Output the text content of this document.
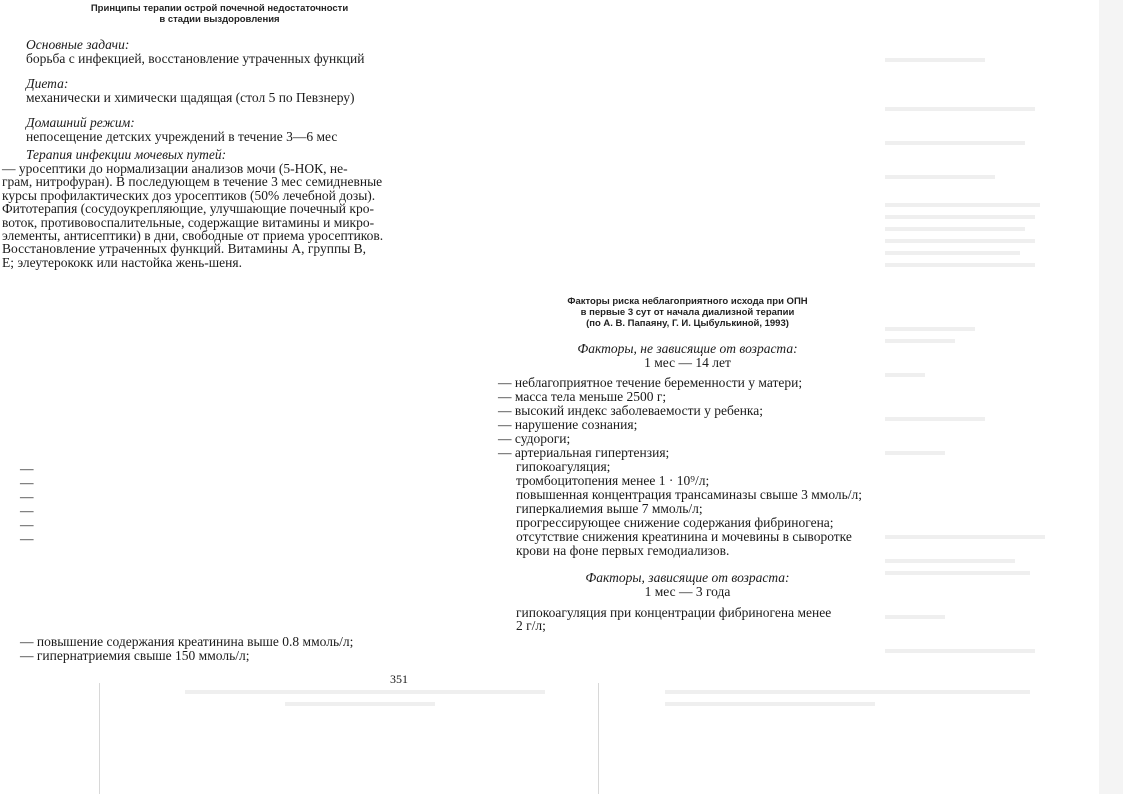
Принципы терапии острой почечной недостаточности

в стадии выздоровления

Основные задачи:

борьба с инфекцией, восстановление утраченных функций

Диета:

механически и химически щадящая (стол 5 по Певзнеру)

Домашний режим:

непосещение детских учреждений в течение 3—6 мес

Терапия инфекции мочевых путей:

— уросептики до нормализации анализов мочи (5-НОК, не-
грам, нитрофуран). В последующем в течение 3 мес семидневные
курсы профилактических доз уросептиков (50% лечебной дозы).
Фитотерапия (сосудоукрепляющие, улучшающие почечный кро-
воток, противовоспалительные, содержащие витамины и микро-
элементы, антисептики) в дни, свободные от приема уросептиков.
Восстановление утраченных функций. Витамины A, группы B,
E; элеутерококк или настойка жень-шеня.

—
—
—
—
—
—

— повышение содержания креатинина выше 0.8 ммоль/л;

— гипернатриемия свыше 150 ммоль/л;

351

Факторы риска неблагоприятного исхода при ОПН

в первые 3 сут от начала диализной терапии

(по А. В. Папаяну, Г. И. Цыбулькиной, 1993)

Факторы, не зависящие от возраста:

1 мес — 14 лет

— неблагоприятное течение беременности у матери;

— масса тела меньше 2500 г;

— высокий индекс заболеваемости у ребенка;

— нарушение сознания;

— судороги;

— артериальная гипертензия;

гипокоагуляция;

тромбоцитопения менее 1 · 10⁹/л;

повышенная концентрация трансаминазы свыше 3 ммоль/л;

гиперкалиемия выше 7 ммоль/л;

прогрессирующее снижение содержания фибриногена;

отсутствие снижения креатинина и мочевины в сыворотке

крови на фоне первых гемодиализов.

Факторы, зависящие от возраста:

1 мес — 3 года

гипокоагуляция при концентрации фибриногена менее
2 г/л;
